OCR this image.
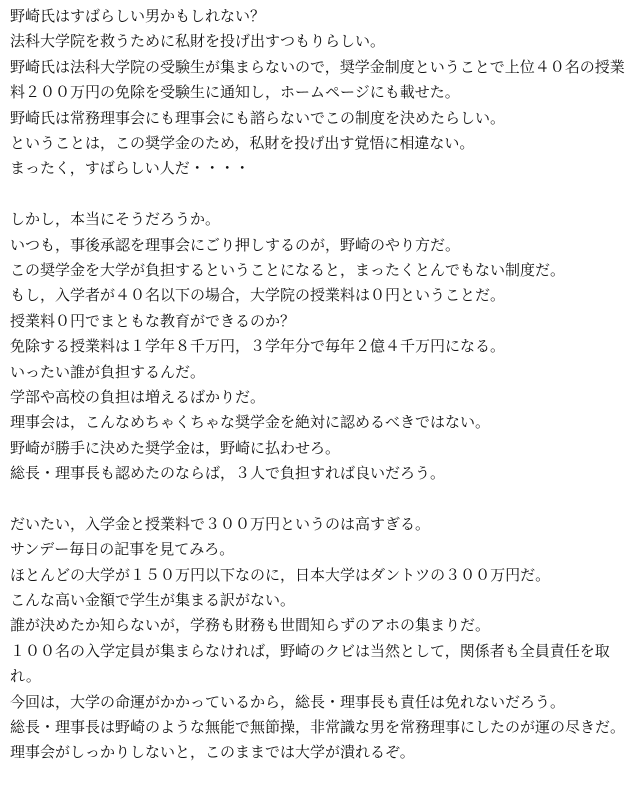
野崎氏はすばらしい男かもしれない？
法科大学院を救うために私財を投げ出すつもりらしい。
野崎氏は法科大学院の受験生が集まらないので，奨学金制度ということで上位４０名の授業料２００万円の免除を受験生に通知し，ホームページにも載せた。
野崎氏は常務理事会にも理事会にも諮らないでこの制度を決めたらしい。
ということは，この奨学金のため，私財を投げ出す覚悟に相違ない。
まったく，すばらしい人だ・・・・
しかし，本当にそうだろうか。
いつも，事後承認を理事会にごり押しするのが，野崎のやり方だ。
この奨学金を大学が負担するということになると，まったくとんでもない制度だ。
もし，入学者が４０名以下の場合，大学院の授業料は０円ということだ。
授業料０円でまともな教育ができるのか？
免除する授業料は１学年８千万円，３学年分で毎年２億４千万円になる。
いったい誰が負担するんだ。
学部や高校の負担は増えるばかりだ。
理事会は，こんなめちゃくちゃな奨学金を絶対に認めるべきではない。
野崎が勝手に決めた奨学金は，野崎に払わせろ。
総長・理事長も認めたのならば，３人で負担すれば良いだろう。
だいたい，入学金と授業料で３００万円というのは高すぎる。
サンデー毎日の記事を見てみろ。
ほとんどの大学が１５０万円以下なのに，日本大学はダントツの３００万円だ。
こんな高い金額で学生が集まる訳がない。
誰が決めたか知らないが，学務も財務も世間知らずのアホの集まりだ。
１００名の入学定員が集まらなければ，野崎のクビは当然として，関係者も全員責任を取れ。
今回は，大学の命運がかかっているから，総長・理事長も責任は免れないだろう。
総長・理事長は野崎のような無能で無節操，非常識な男を常務理事にしたのが運の尽きだ。
理事会がしっかりしないと，このままでは大学が潰れるぞ。
